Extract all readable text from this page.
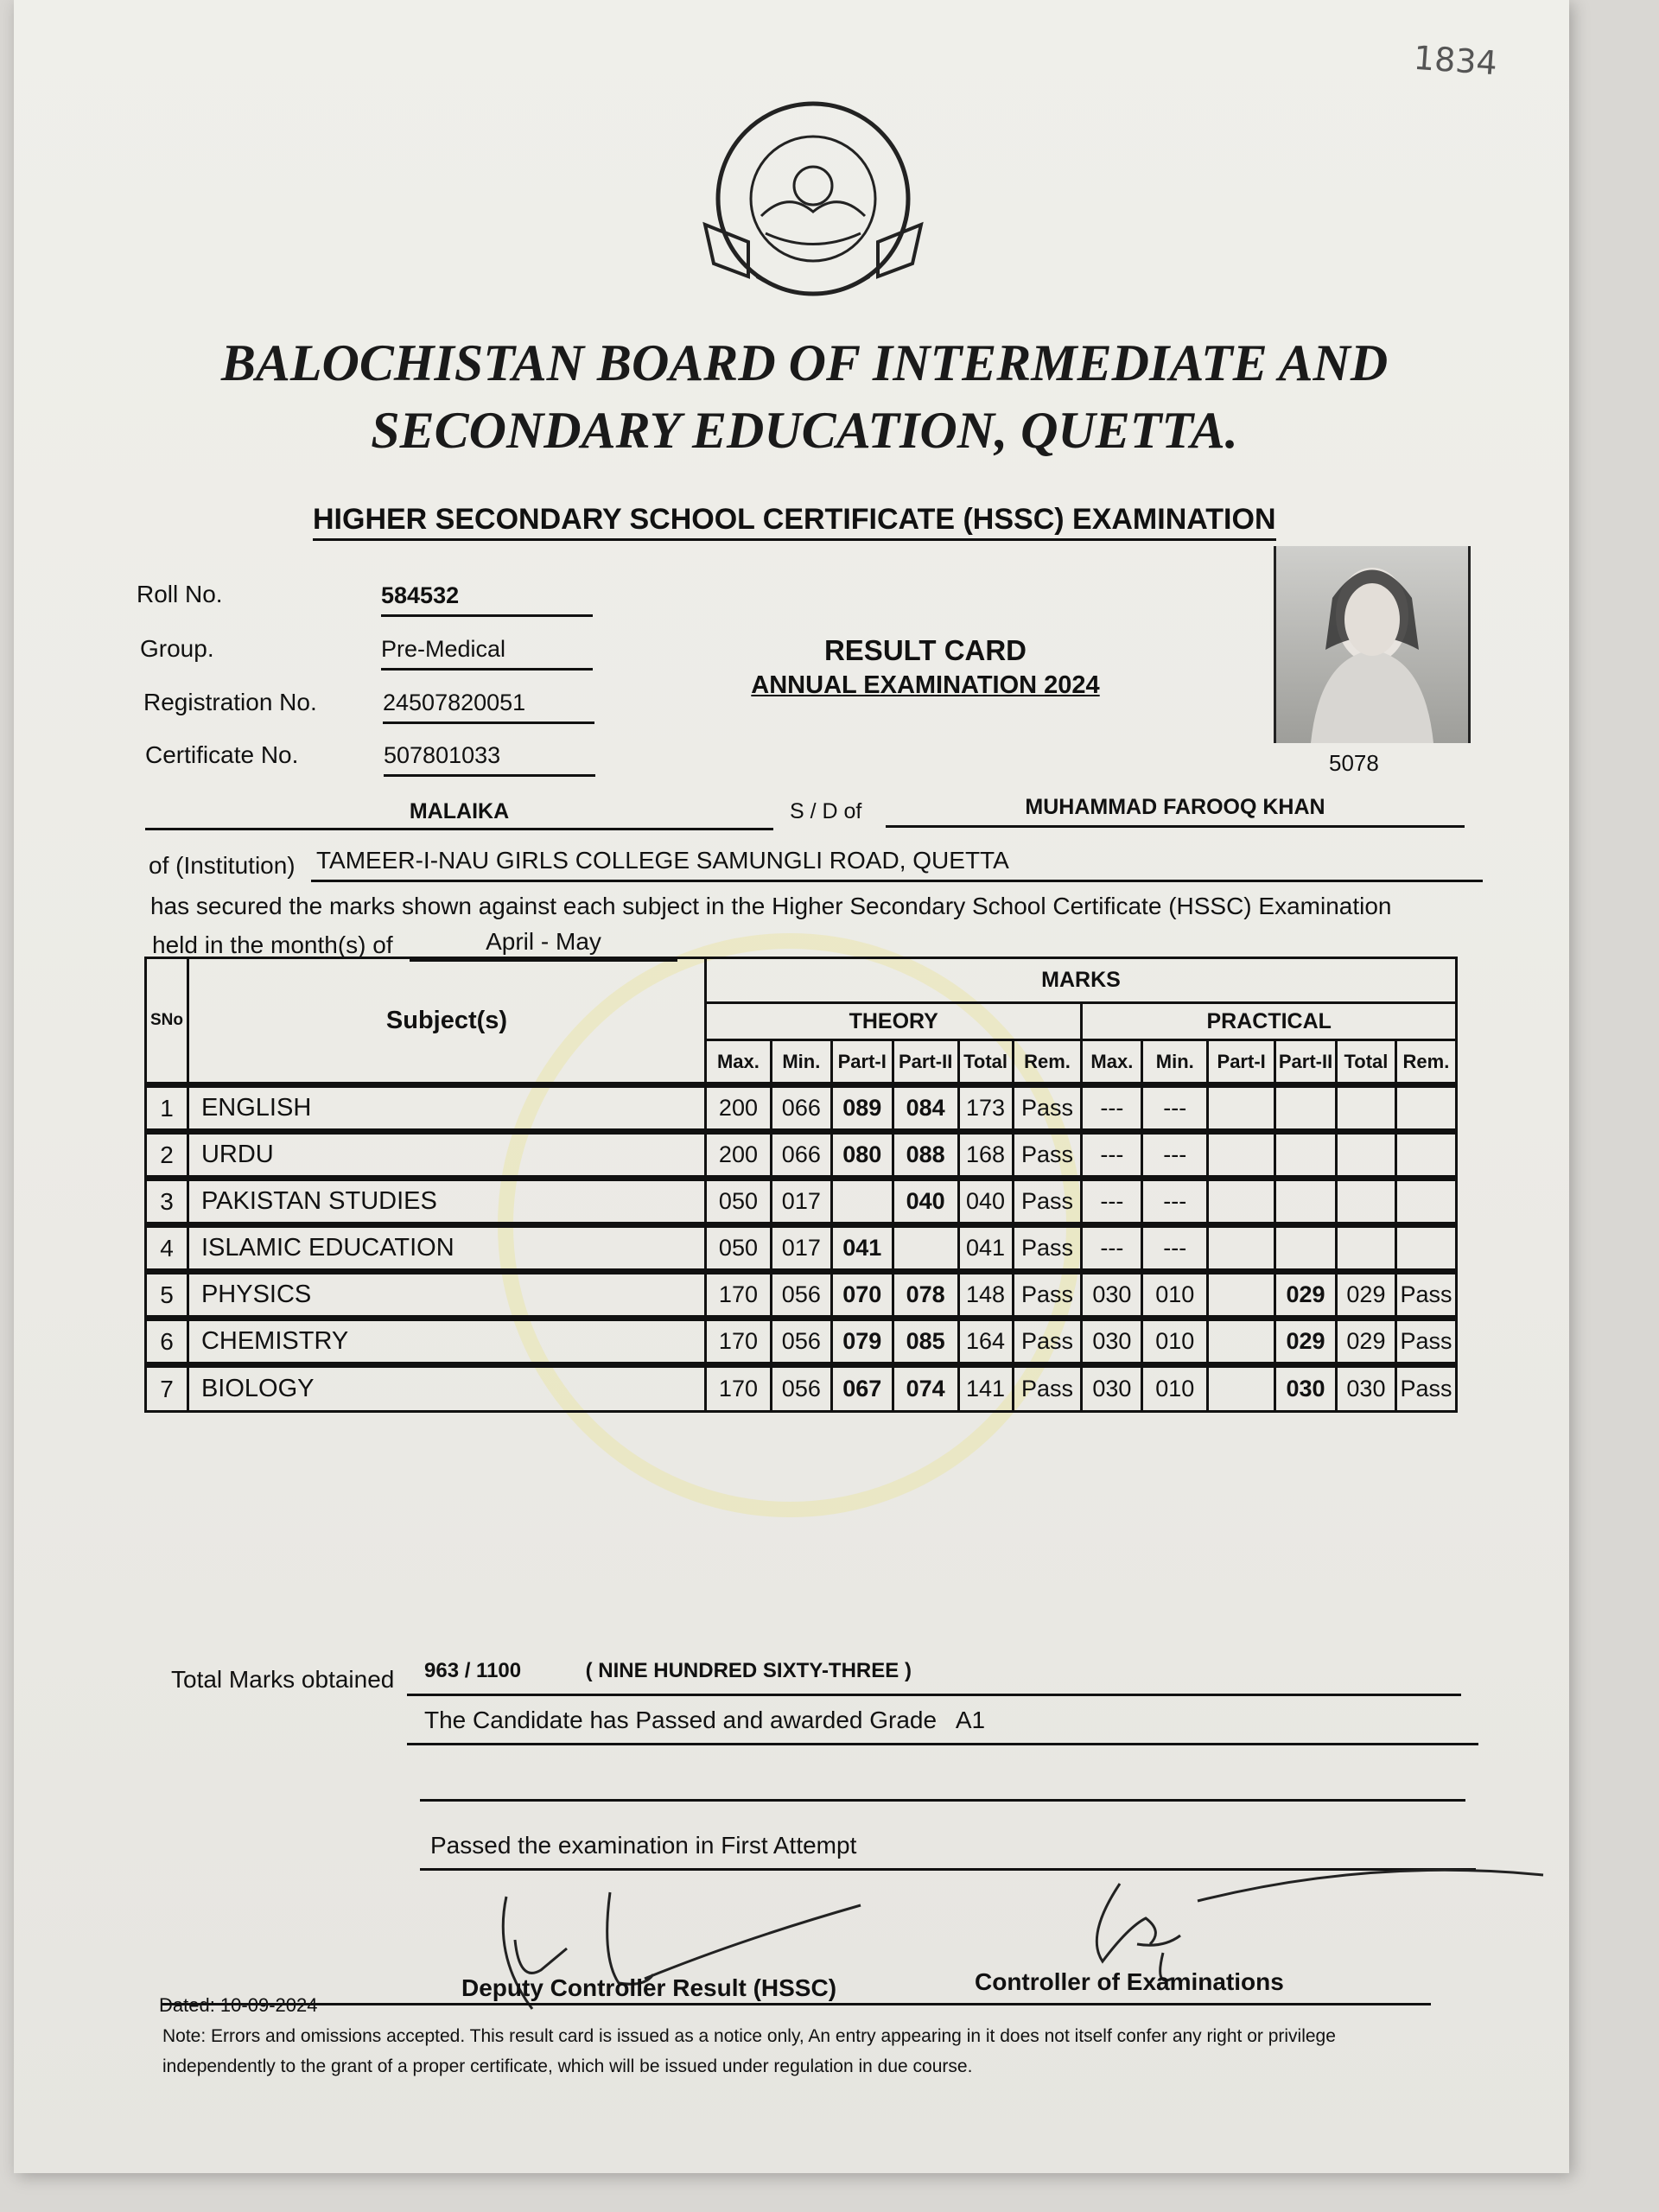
1834
BALOCHISTAN BOARD OF INTERMEDIATE AND
SECONDARY EDUCATION, QUETTA.
HIGHER SECONDARY SCHOOL CERTIFICATE (HSSC) EXAMINATION
Roll No.	584532
Group.	Pre-Medical
Registration No.	24507820051
Certificate No.	507801033
RESULT CARD
ANNUAL EXAMINATION 2024
5078
MALAIKA	S / D of	MUHAMMAD FAROOQ KHAN
of (Institution) TAMEER-I-NAU GIRLS COLLEGE SAMUNGLI ROAD, QUETTA
has secured the marks shown against each subject in the Higher Secondary School Certificate (HSSC) Examination
held in the month(s) of	April - May
SNo	Subject(s)	MARKS											
		THEORY						PRACTICAL					
		Max.	Min.	Part-I	Part-II	Total	Rem.	Max.	Min.	Part-I	Part-II	Total	Rem.
1	ENGLISH	200	066	089	084	173	Pass	---	---				
2	URDU	200	066	080	088	168	Pass	---	---				
3	PAKISTAN STUDIES	050	017		040	040	Pass	---	---				
4	ISLAMIC EDUCATION	050	017	041		041	Pass	---	---				
5	PHYSICS	170	056	070	078	148	Pass	030	010		029	029	Pass
6	CHEMISTRY	170	056	079	085	164	Pass	030	010		029	029	Pass
7	BIOLOGY	170	056	067	074	141	Pass	030	010		030	030	Pass
Total Marks obtained	963 / 1100	( NINE HUNDRED SIXTY-THREE )
The Candidate has Passed and awarded Grade A1
Passed the examination in First Attempt
Deputy Controller Result (HSSC)	Controller of Examinations
Dated: 10-09-2024
Note: Errors and omissions accepted. This result card is issued as a notice only, An entry appearing in it does not itself confer any right or privilege
independently to the grant of a proper certificate, which will be issued under regulation in due course.
